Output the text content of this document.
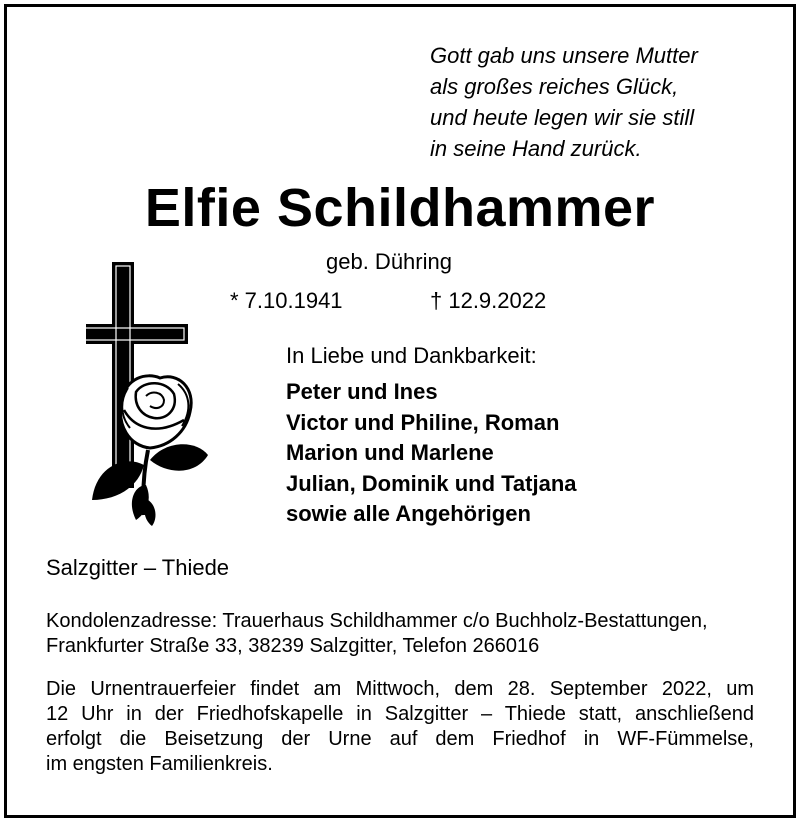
Gott gab uns unsere Mutter
als großes reiches Glück,
und heute legen wir sie still
in seine Hand zurück.
Elfie Schildhammer
geb. Dühring
* 7.10.1941	† 12.9.2022
In Liebe und Dankbarkeit:
Peter und Ines
Victor und Philine, Roman
Marion und Marlene
Julian, Dominik und Tatjana
sowie alle Angehörigen
Salzgitter – Thiede
Kondolenzadresse: Trauerhaus Schildhammer c/o Buchholz-Bestattungen,
Frankfurter Straße 33, 38239 Salzgitter, Telefon 266016
Die Urnentrauerfeier findet am Mittwoch, dem 28. September 2022, um
12 Uhr in der Friedhofskapelle in Salzgitter – Thiede statt, anschließend
erfolgt die Beisetzung der Urne auf dem Friedhof in WF-Fümmelse,
im engsten Familienkreis.
